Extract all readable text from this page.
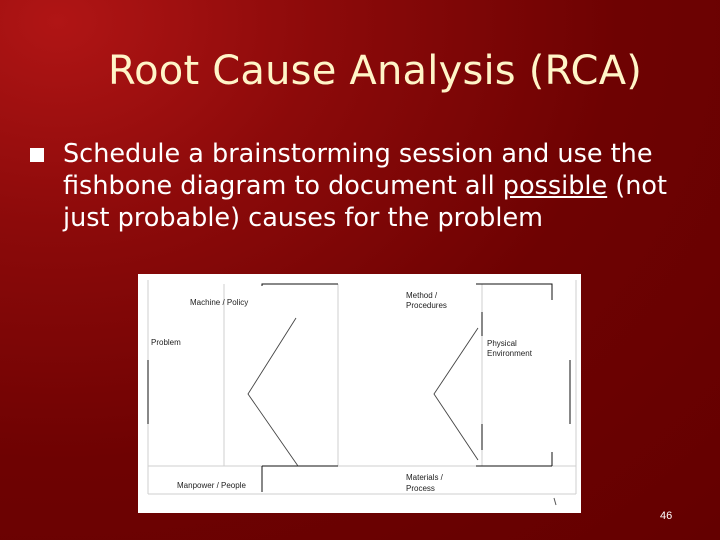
Root Cause Analysis (RCA)
Schedule a brainstorming session and use the fishbone diagram to document all possible (not just probable) causes for the problem
Machine / Policy
Method /
Procedures
Problem	Physical
Environment
Manpower / People
Materials /
Process
46
